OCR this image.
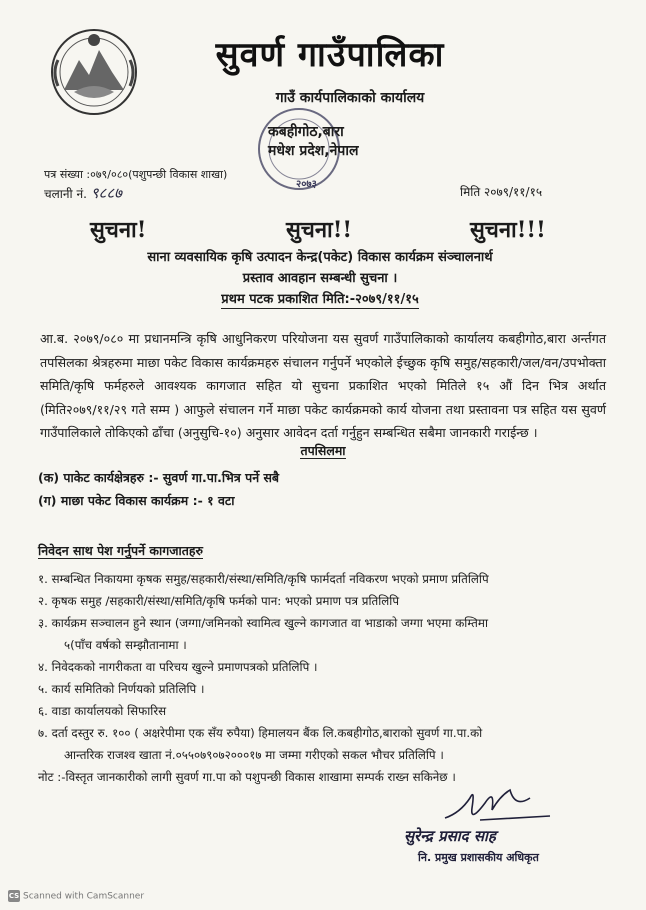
सुवर्ण गाउँपालिका
गाउँ कार्यपालिकाको कार्यालय
२०७३
कबहीगोठ,बारा
मधेश प्रदेश,नेपाल
पत्र संख्या :०७९/०८०(पशुपन्छी विकास शाखा)
चलानी नं. ९८८७	मिति २०७९/११/१५
सुचना!	सुचना!!	सुचना!!!
साना व्यवसायिक कृषि उत्पादन केन्द्र(पकेट) विकास कार्यक्रम संञ्चालनार्थ
प्रस्ताव आवहान सम्बन्धी सुचना ।
प्रथम पटक प्रकाशित मिति:-२०७९/११/१५
आ.ब. २०७९/०८० मा प्रधानमन्त्रि कृषि आधुनिकरण परियोजना यस सुवर्ण गाउँपालिकाको कार्यालय कबहीगोठ,बारा अर्न्तगत तपसिलका श्रेत्रहरुमा माछा पकेट विकास कार्यक्रमहरु संचालन गर्नुपर्ने भएकोले ईच्छुक कृषि समुह/सहकारी/जल/वन/उपभोक्ता समिति/कृषि फर्महरुले आवश्यक कागजात सहित यो सुचना प्रकाशित भएको मितिले १५ औं दिन भित्र अर्थात (मिति२०७९/११/२९ गते सम्म ) आफुले संचालन गर्ने माछा पकेट कार्यक्रमको कार्य योजना तथा प्रस्तावना पत्र सहित यस सुवर्ण गाउँपालिकाले तोकिएको ढाँचा (अनुसुचि-१०) अनुसार आवेदन दर्ता गर्नुहुन सम्बन्धित सबैमा जानकारी गराईन्छ ।
तपसिलमा
(क) पाकेट कार्यक्षेत्रहरु :- सुवर्ण गा.पा.भित्र पर्ने सबै
(ग) माछा पकेट विकास कार्यक्रम :- १ वटा
निवेदन साथ पेश गर्नुपर्ने कागजातहरु
१. सम्बन्धित निकायमा कृषक समुह/सहकारी/संस्था/समिति/कृषि फार्मदर्ता नविकरण भएको प्रमाण प्रतिलिपि
२. कृषक समुह /सहकारी/संस्था/समिति/कृषि फर्मको पान: भएको प्रमाण पत्र प्रतिलिपि
३. कार्यक्रम सञ्चालन हुने स्थान (जग्गा/जमिनको स्वामित्व खुल्ने कागजात वा भाडाको जग्गा भएमा कम्तिमा
५(पाँच वर्षको सम्झौतानामा ।
४. निवेदकको नागरीकता वा परिचय खुल्ने प्रमाणपत्रको प्रतिलिपि ।
५. कार्य समितिको निर्णयको प्रतिलिपि ।
६. वाडा कार्यालयको सिफारिस
७. दर्ता दस्तुर रु. १०० ( अक्षरेपीमा एक सँय रुपैया) हिमालयन बैंक लि.कबहीगोठ,बाराको सुवर्ण गा.पा.को
आन्तरिक राजश्व खाता नं.०५५०७९०७२०००१७ मा जम्मा गरीएको सकल भौचर प्रतिलिपि ।
नोट :-विस्तृत जानकारीको लागी सुवर्ण गा.पा को पशुपन्छी विकास शाखामा सम्पर्क राख्न सकिनेछ ।
सुरेन्द्र प्रसाद साह
नि. प्रमुख प्रशासकीय अधिकृत
CS Scanned with CamScanner
